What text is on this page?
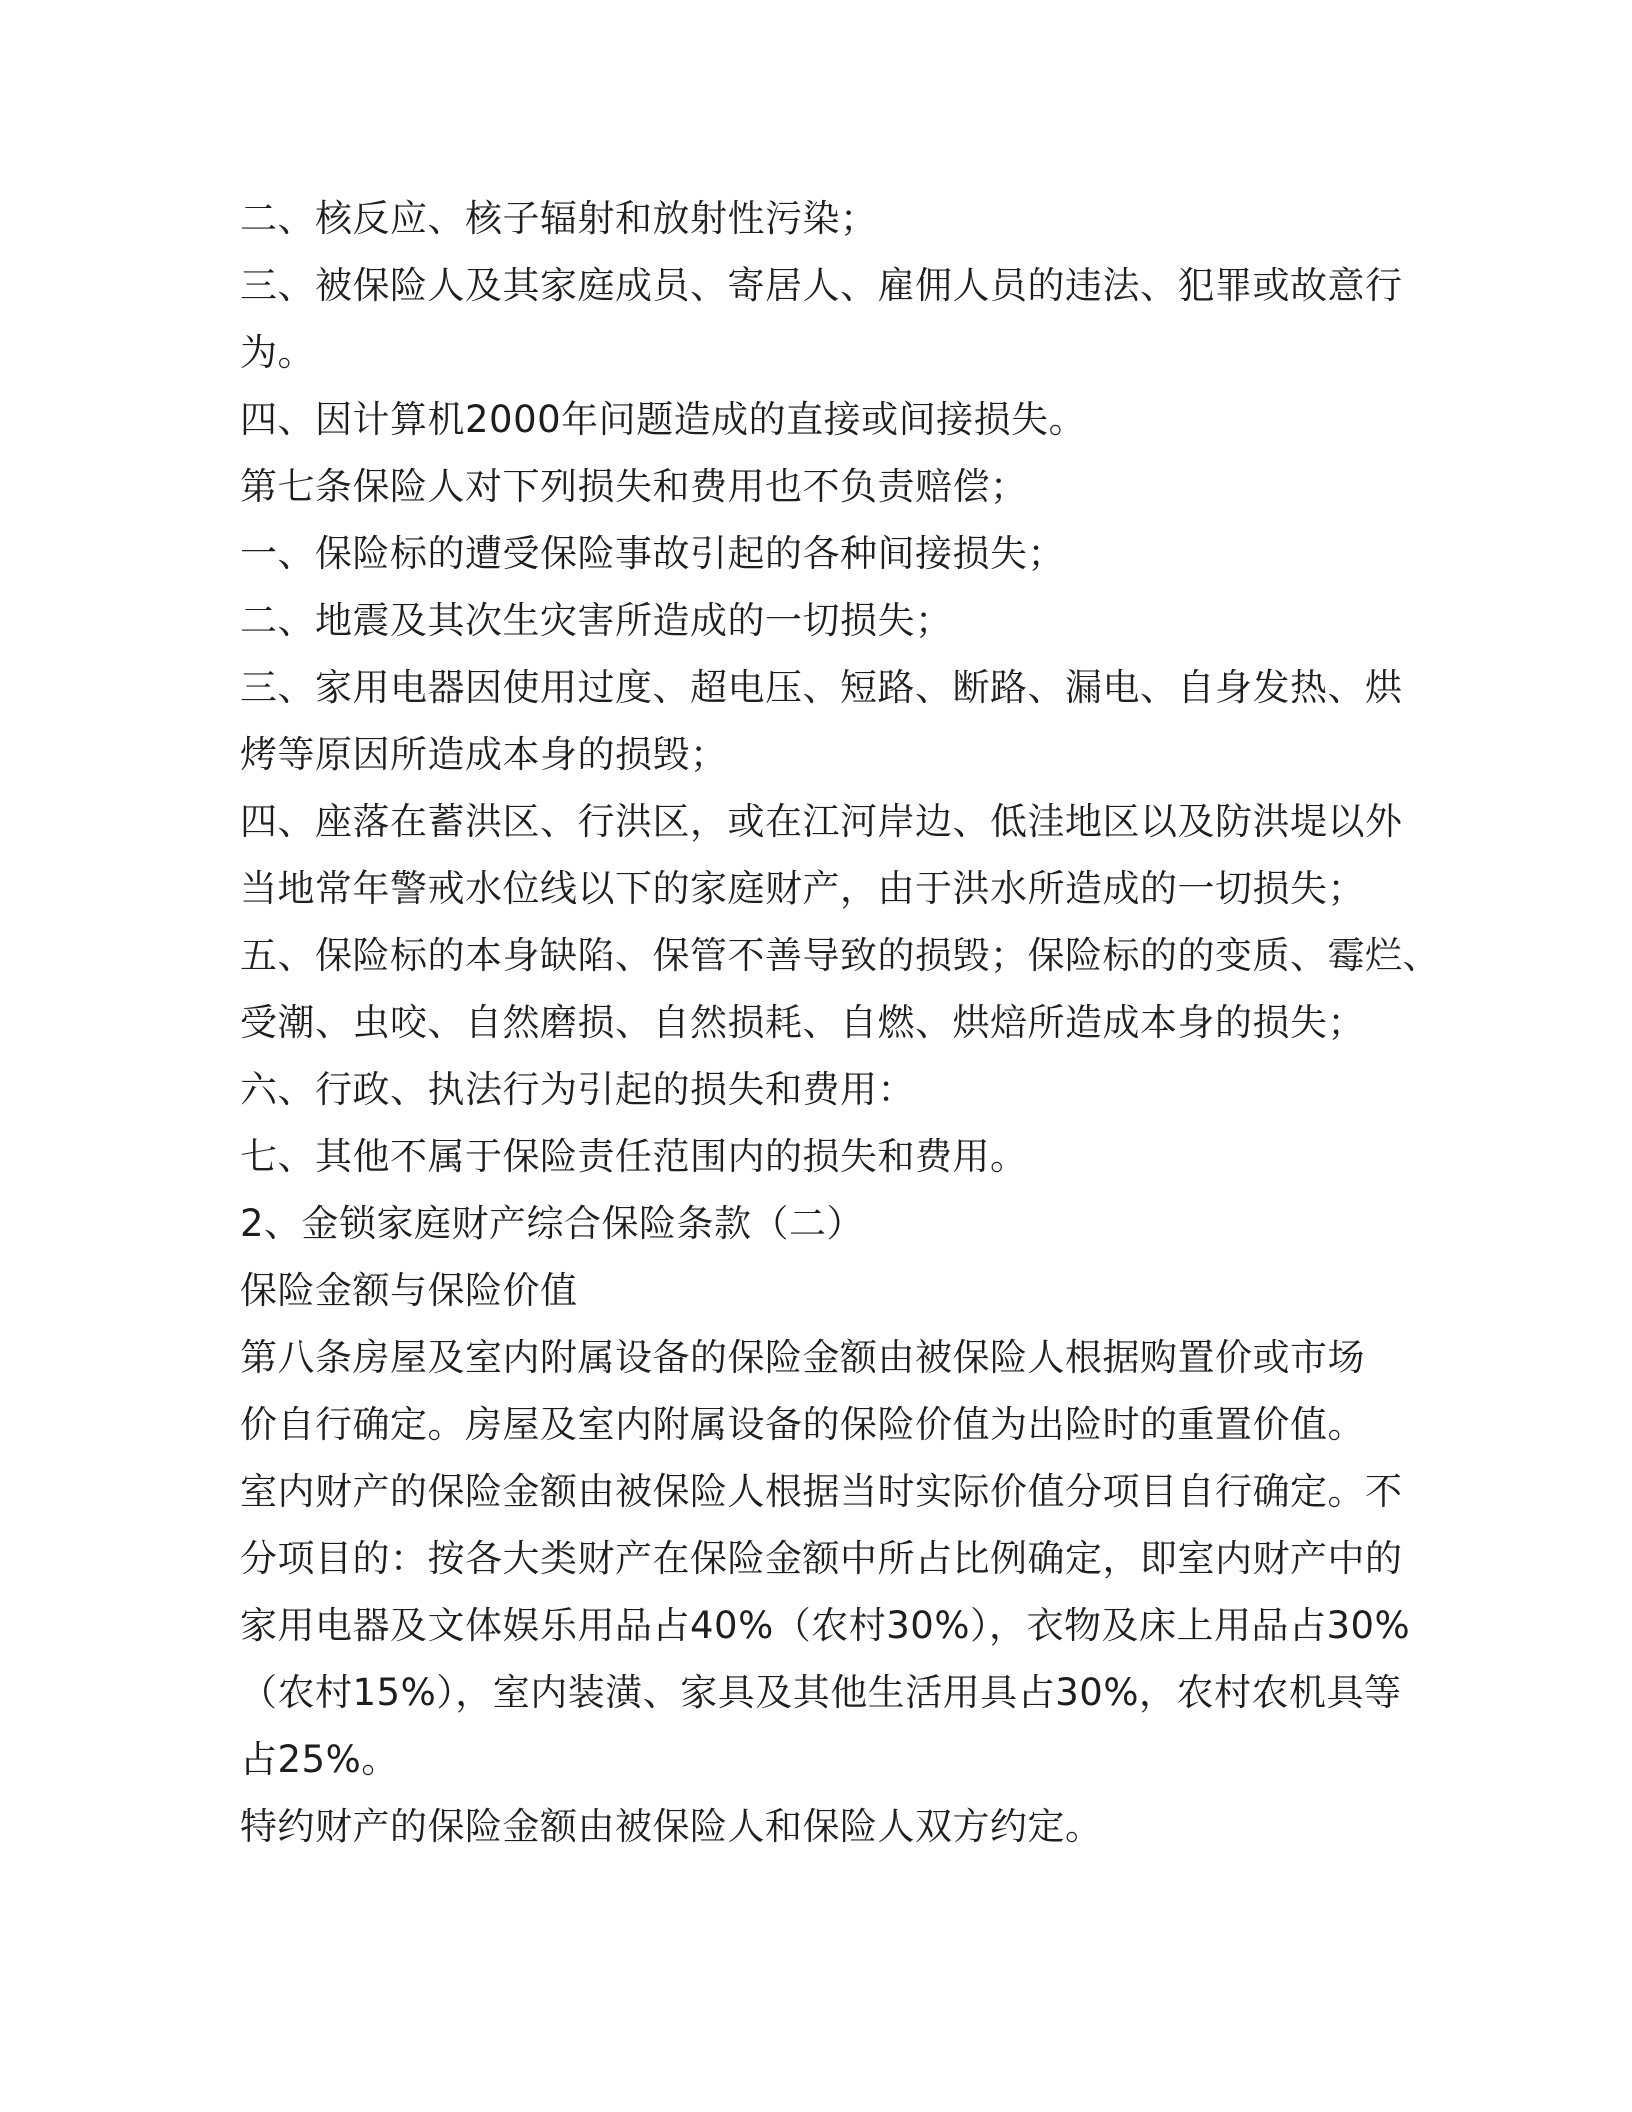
二、核反应、核子辐射和放射性污染；
三、被保险人及其家庭成员、寄居人、雇佣人员的违法、犯罪或故意行
为。
四、因计算机2000年问题造成的直接或间接损失。
第七条保险人对下列损失和费用也不负责赔偿；
一、保险标的遭受保险事故引起的各种间接损失；
二、地震及其次生灾害所造成的一切损失；
三、家用电器因使用过度、超电压、短路、断路、漏电、自身发热、烘
烤等原因所造成本身的损毁；
四、座落在蓄洪区、行洪区，或在江河岸边、低洼地区以及防洪堤以外
当地常年警戒水位线以下的家庭财产，由于洪水所造成的一切损失；
五、保险标的本身缺陷、保管不善导致的损毁；保险标的的变质、霉烂、
受潮、虫咬、自然磨损、自然损耗、自燃、烘焙所造成本身的损失；
六、行政、执法行为引起的损失和费用：
七、其他不属于保险责任范围内的损失和费用。
2、金锁家庭财产综合保险条款（二）
保险金额与保险价值
第八条房屋及室内附属设备的保险金额由被保险人根据购置价或市场
价自行确定。房屋及室内附属设备的保险价值为出险时的重置价值。
室内财产的保险金额由被保险人根据当时实际价值分项目自行确定。不
分项目的：按各大类财产在保险金额中所占比例确定，即室内财产中的
家用电器及文体娱乐用品占40%（农村30%），衣物及床上用品占30%
（农村15%），室内装潢、家具及其他生活用具占30%，农村农机具等
占25%。
特约财产的保险金额由被保险人和保险人双方约定。
